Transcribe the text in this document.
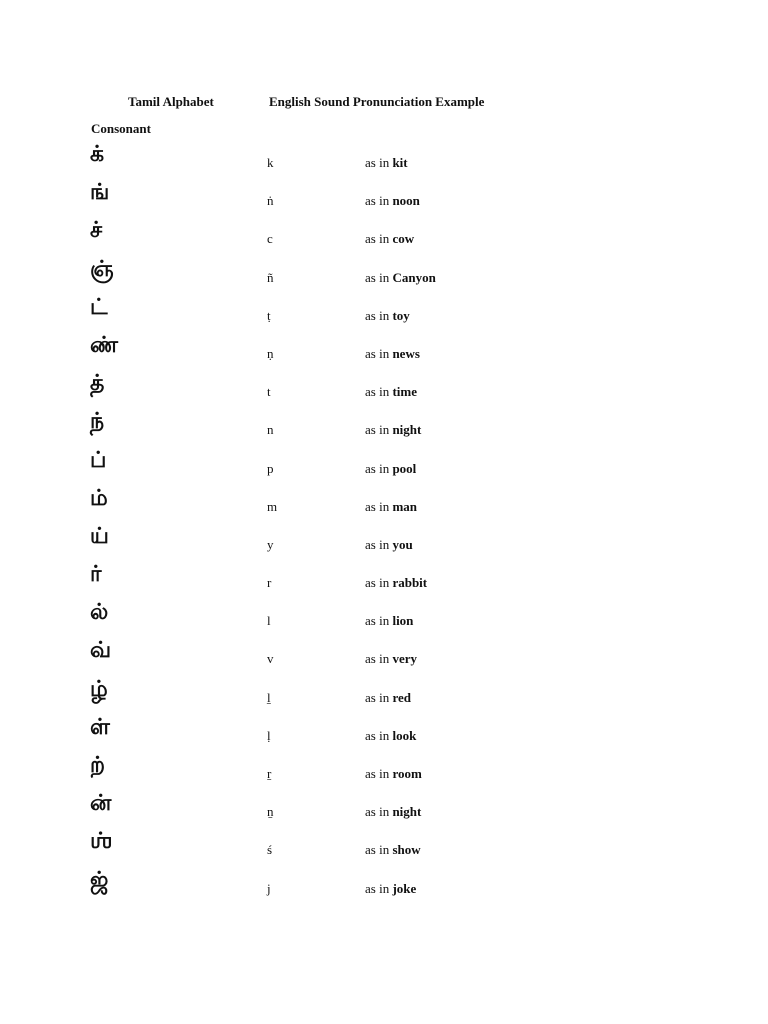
Tamil Alphabet	English Sound Pronunciation Example
Consonant
க்	k	as in kit
ங்	ṅ	as in noon
ச்	c	as in cow
ஞ்	ñ	as in Canyon
ட்	ṭ	as in toy
ண்	ṇ	as in news
த்	t	as in time
ந்	n	as in night
ப்	p	as in pool
ம்	m	as in man
ய்	y	as in you
ர்	r	as in rabbit
ல்	l	as in lion
வ்	v	as in very
ழ்	ḻ	as in red
ள்	ḷ	as in look
ற்	ṟ	as in room
ன்	ṉ	as in night
ஶ்	ś	as in show
ஜ்	j	as in joke
